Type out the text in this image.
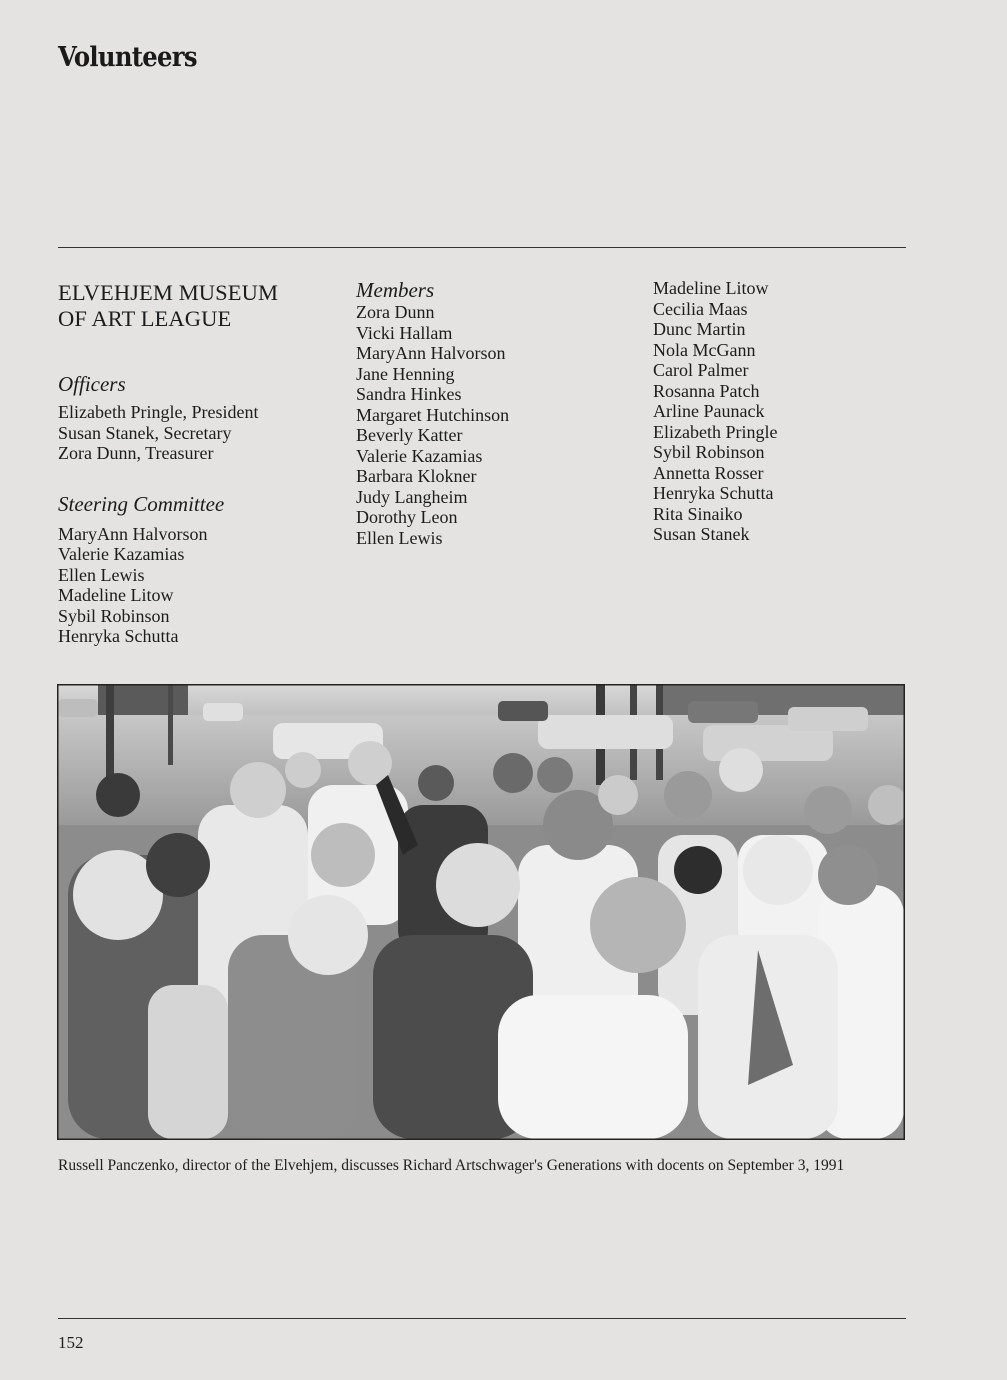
Volunteers
ELVEHJEM MUSEUM
OF ART LEAGUE
Officers
Elizabeth Pringle, President
Susan Stanek, Secretary
Zora Dunn, Treasurer
Steering Committee
MaryAnn Halvorson
Valerie Kazamias
Ellen Lewis
Madeline Litow
Sybil Robinson
Henryka Schutta
Members
Zora Dunn
Vicki Hallam
MaryAnn Halvorson
Jane Henning
Sandra Hinkes
Margaret Hutchinson
Beverly Katter
Valerie Kazamias
Barbara Klokner
Judy Langheim
Dorothy Leon
Ellen Lewis
Madeline Litow
Cecilia Maas
Dunc Martin
Nola McGann
Carol Palmer
Rosanna Patch
Arline Paunack
Elizabeth Pringle
Sybil Robinson
Annetta Rosser
Henryka Schutta
Rita Sinaiko
Susan Stanek

Russell Panczenko, director of the Elvehjem, discusses Richard Artschwager's Generations with docents on September 3, 1991

152
